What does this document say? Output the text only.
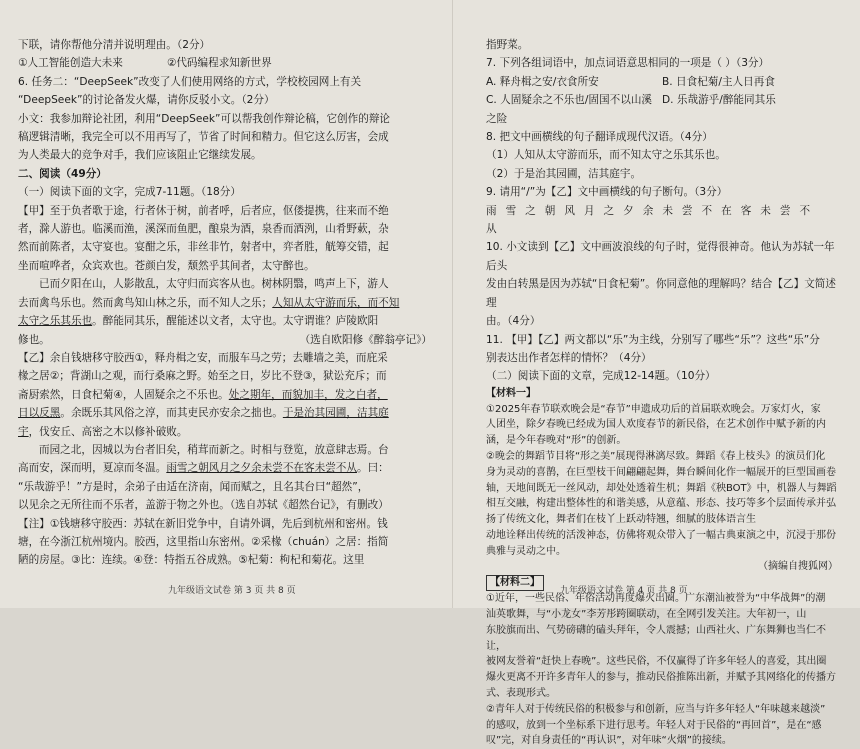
下联，请你帮他分清并说明理由。（2分）

①人工智能创造大未来	②代码编程求知新世界

6. 任务二：“DeepSeek”改变了人们使用网络的方式，学校校园网上有关

“DeepSeek”的讨论备发火爆，请你反驳小文。（2分）

小文：我参加辩论社团，利用“DeepSeek”可以帮我创作辩论稿，它创作的辩论

稿逻辑清晰，我完全可以不用再写了，节省了时间和精力。但它这么厉害，会成

为人类最大的竞争对手，我们应该阻止它继续发展。

二、阅读（49分）

（一）阅读下面的文字，完成7-11题。（18分）

【甲】至于负者歌于途，行者休于树，前者呼，后者应，伛偻提携，往来而不绝

者，滁人游也。临溪而渔，溪深而鱼肥，酿泉为酒，泉香而酒洌，山肴野蔌，杂

然而前陈者，太守宴也。宴酣之乐，非丝非竹，射者中，弈者胜，觥筹交错，起

坐而喧哗者，众宾欢也。苍颜白发，颓然乎其间者，太守醉也。

已而夕阳在山，人影散乱，太守归而宾客从也。树林阴翳，鸣声上下，游人

去而禽鸟乐也。然而禽鸟知山林之乐，而不知人之乐；人知从太守游而乐，而不知

太守之乐其乐也。醉能同其乐，醒能述以文者，太守也。太守谓谁？庐陵欧阳

修也。	（选自欧阳修《醉翁亭记》）

【乙】余自钱塘移守胶西①，释舟楫之安，而服车马之劳；去雕墙之美，而庇采

椽之居②；背湖山之观，而行桑麻之野。始至之日，岁比不登③，狱讼充斥；而

斋厨索然，日食杞菊④，人固疑余之不乐也。处之期年，而貌加丰，发之白者，

日以反黑。余既乐其风俗之淳，而其吏民亦安余之拙也。于是治其园圃，洁其庭

宇，伐安丘、高密之木以修补破败。

而园之北，因城以为台者旧矣，稍茸而新之。时相与登览，放意肆志焉。台

高而安，深而明，夏凉而冬温。雨雪之朝风月之夕余未尝不在客未尝不从。曰：

“乐哉游乎！”方是时，余弟子由适在济南，闻而赋之，且名其台曰“超然”，

以见余之无所往而不乐者，盖游于物之外也。（选自苏轼《超然台记》，有删改）

【注】①钱塘移守胶西：苏轼在新旧党争中，自请外调，先后到杭州和密州。钱

塘，在今浙江杭州境内。胶西，这里指山东密州。②采椽（chuán）之居：指简

陋的房屋。③比：连续。④登：特指五谷成熟。⑤杞菊：枸杞和菊花。这里

指野菜。

7. 下列各组词语中，加点词语意思相同的一项是（ ）（3分）

A. 释舟楫之安/衣食所安	B. 日食杞菊/主人日再食
C. 人固疑余之不乐也/固国不以山溪之险
D. 乐哉游乎/醉能同其乐

8. 把文中画横线的句子翻译成现代汉语。（4分）

（1）人知从太守游而乐，而不知太守之乐其乐也。

（2）于是治其园圃，洁其庭宇。

9. 请用“/”为【乙】文中画横线的句子断句。（3分）

雨雪之朝风月之夕余未尝不在客未尝不从

10. 小文读到【乙】文中画波浪线的句子时，觉得很神奇。他认为苏轼一年后头

发由白转黑是因为苏轼“日食杞菊”。你同意他的理解吗？结合【乙】文简述理

由。（4分）

11. 【甲】【乙】两文都以“乐”为主线，分别写了哪些“乐”？这些“乐”分

别表达出作者怎样的情怀？（4分）

（二）阅读下面的文章，完成12-14题。（10分）

【材料一】

①2025年春节联欢晚会是“春节”申遗成功后的首届联欢晚会。万家灯火，家

人团坐，除夕春晚已经成为国人欢度春节的新民俗，在艺术创作中赋予新的内

涵，是今年春晚对“形”的创新。

②晚会的舞蹈节目将“形之美”展现得淋漓尽致。舞蹈《春上枝头》的演员们化

身为灵动的喜鹊，在巨型枝干间翩翩起舞，舞台瞬间化作一幅展开的巨型国画卷

轴，天地间既无一丝风动，却处处透着生机；舞蹈《秧BOT》中，机器人与舞蹈

相互交融，构建出整体性的和谐美感，从意蕴、形态、技巧等多个层面传承并弘

扬了传统文化，舞者们在枝丫上跃动特翘，细腻的肢体语言生

动地诠释出传统的活泼神态，仿佛将观众带入了一幅古典東演之中，沉浸于那份

典雅与灵动之中。

（摘编自搜狐网）

【材料二】

①近年，一些民俗、年俗活动再度爆火出圈。广东潮汕被誉为“中华战舞”的潮

汕英歌舞，与“小龙女”李芳彤跨圈联动，在全网引发关注。大年初一，山

东胶旗而出、气势磅礴的磕头拜年，令人震撼；山西社火、广东舞狮也当仁不让，

被网友誉着“赶快上春晚”。这些民俗，不仅赢得了许多年轻人的喜爱，其出圈

爆火更离不开许多青年人的参与，推动民俗推陈出新，并赋予其网络化的传播方

式、表现形式。

②青年人对于传统民俗的积极参与和创新，应当与许多年轻人“年味越来越淡”

的感叹，放到一个坐标系下进行思考。年轻人对于民俗的“再回首”，是在“感

叹”完，对自身责任的“再认识”，对年味“火烟”的接续。

九年级语文试卷 第 3 页 共 8 页	九年级语文试卷 第 4 页 共 8 页
